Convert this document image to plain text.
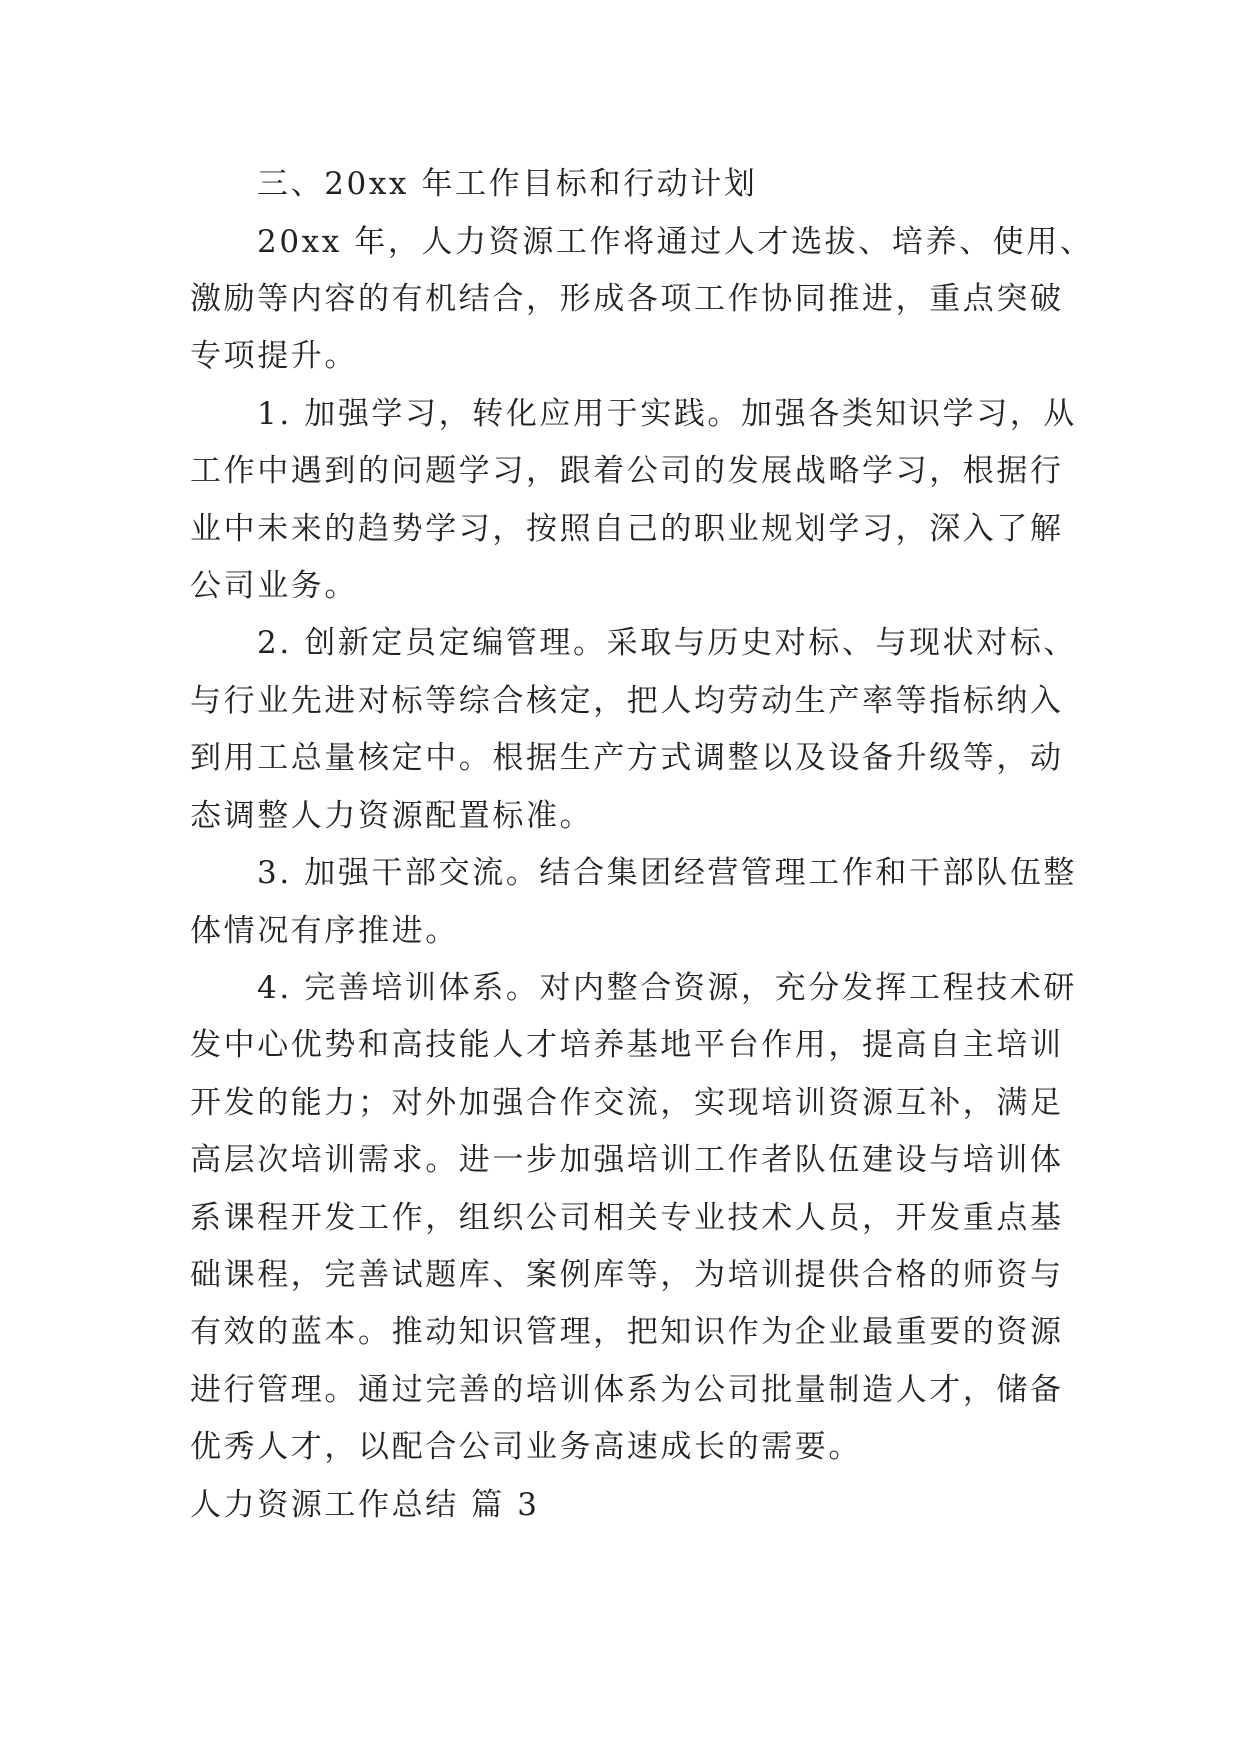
三、20xx 年工作目标和行动计划
20xx 年，人力资源工作将通过人才选拔、培养、使用、
激励等内容的有机结合，形成各项工作协同推进，重点突破
专项提升。
1. 加强学习，转化应用于实践。加强各类知识学习，从
工作中遇到的问题学习，跟着公司的发展战略学习，根据行
业中未来的趋势学习，按照自己的职业规划学习，深入了解
公司业务。
2. 创新定员定编管理。采取与历史对标、与现状对标、
与行业先进对标等综合核定，把人均劳动生产率等指标纳入
到用工总量核定中。根据生产方式调整以及设备升级等，动
态调整人力资源配置标准。
3. 加强干部交流。结合集团经营管理工作和干部队伍整
体情况有序推进。
4. 完善培训体系。对内整合资源，充分发挥工程技术研
发中心优势和高技能人才培养基地平台作用，提高自主培训
开发的能力；对外加强合作交流，实现培训资源互补，满足
高层次培训需求。进一步加强培训工作者队伍建设与培训体
系课程开发工作，组织公司相关专业技术人员，开发重点基
础课程，完善试题库、案例库等，为培训提供合格的师资与
有效的蓝本。推动知识管理，把知识作为企业最重要的资源
进行管理。通过完善的培训体系为公司批量制造人才，储备
优秀人才，以配合公司业务高速成长的需要。
人力资源工作总结 篇 3
